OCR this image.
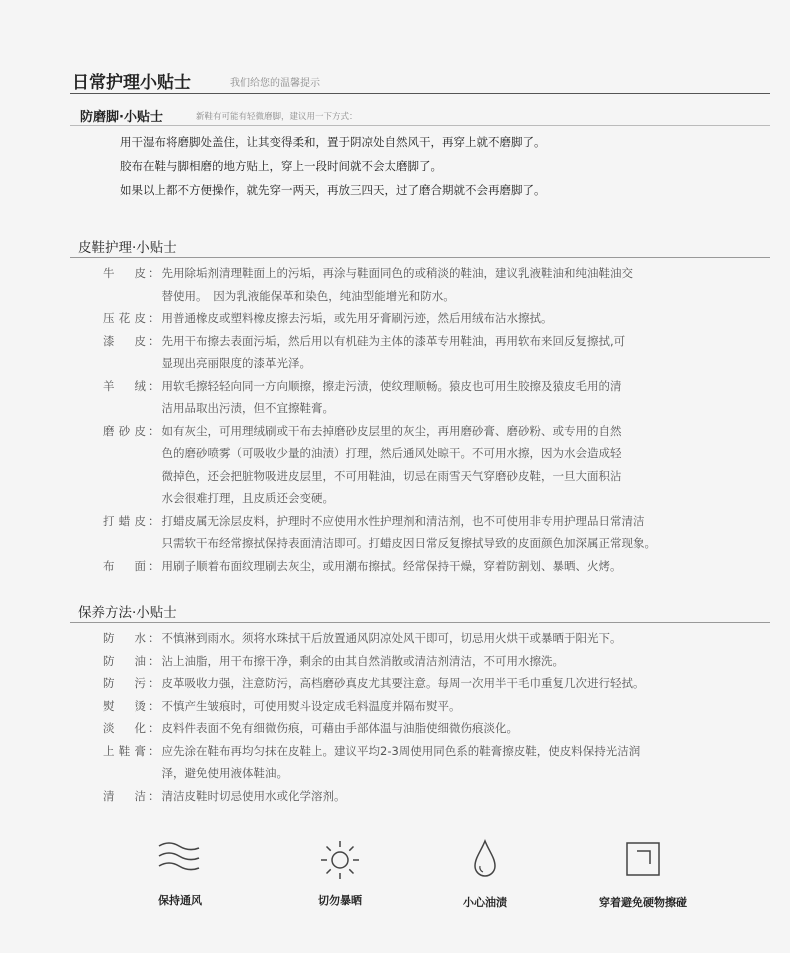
日常护理小贴士	我们给您的温馨提示
防磨脚·小贴士	新鞋有可能有轻微磨脚，建议用一下方式：
用干湿布将磨脚处盖住，让其变得柔和，置于阴凉处自然风干，再穿上就不磨脚了。
胶布在鞋与脚相磨的地方贴上，穿上一段时间就不会太磨脚了。
如果以上都不方便操作，就先穿一两天，再放三四天，过了磨合期就不会再磨脚了。
皮鞋护理·小贴士
牛皮 ： 先用除垢剂清理鞋面上的污垢，再涂与鞋面同色的或稍淡的鞋油，建议乳液鞋油和纯油鞋油交
替使用。　因为乳液能保革和染色，纯油型能增光和防水。
压花皮 ： 用普通橡皮或塑料橡皮擦去污垢，或先用牙膏刷污迹，然后用绒布沾水擦拭。
漆皮 ： 先用干布擦去表面污垢，然后用以有机硅为主体的漆革专用鞋油，再用软布来回反复擦拭,可
显现出亮丽限度的漆革光泽。
羊绒 ： 用软毛擦轻轻向同一方向顺擦，擦走污渍，使纹理顺畅。猿皮也可用生胶擦及猿皮毛用的清
洁用品取出污渍，但不宜擦鞋膏。
磨砂皮 ： 如有灰尘，可用理绒刷或干布去掉磨砂皮层里的灰尘，再用磨砂膏、磨砂粉、或专用的自然
色的磨砂喷雾（可吸收少量的油渍）打理，然后通风处晾干。不可用水擦，因为水会造成轻
微掉色，还会把脏物吸进皮层里，不可用鞋油，切忌在雨雪天气穿磨砂皮鞋，一旦大面积沾
水会很难打理，且皮质还会变硬。
打蜡皮 ： 打蜡皮属无涂层皮料，护理时不应使用水性护理剂和清洁剂，也不可使用非专用护理品日常清洁
只需软干布经常擦拭保持表面清洁即可。打蜡皮因日常反复擦拭导致的皮面颜色加深属正常现象。
布面 ： 用刷子顺着布面纹理刷去灰尘，或用潮布擦拭。经常保持干燥，穿着防割划、暴晒、火烤。
保养方法·小贴士
防水 ： 不慎淋到雨水。须将水珠拭干后放置通风阴凉处风干即可，切忌用火烘干或暴晒于阳光下。
防油 ： 沾上油脂，用干布擦干净，剩余的由其自然消散或清洁剂清洁，不可用水擦洗。
防污 ： 皮革吸收力强，注意防污，高档磨砂真皮尤其要注意。每周一次用半干毛巾重复几次进行轻拭。
熨烫 ： 不慎产生皱痕时，可使用熨斗设定成毛料温度并隔布熨平。
淡化 ： 皮料件表面不免有细微伤痕，可藉由手部体温与油脂使细微伤痕淡化。
上鞋膏 ： 应先涂在鞋布再均匀抹在皮鞋上。建议平均2-3周使用同色系的鞋膏擦皮鞋，使皮料保持光洁润
泽，避免使用液体鞋油。
清洁 ： 清洁皮鞋时切忌使用水或化学溶剂。
保持通风	切勿暴晒	小心油渍	穿着避免硬物擦碰
